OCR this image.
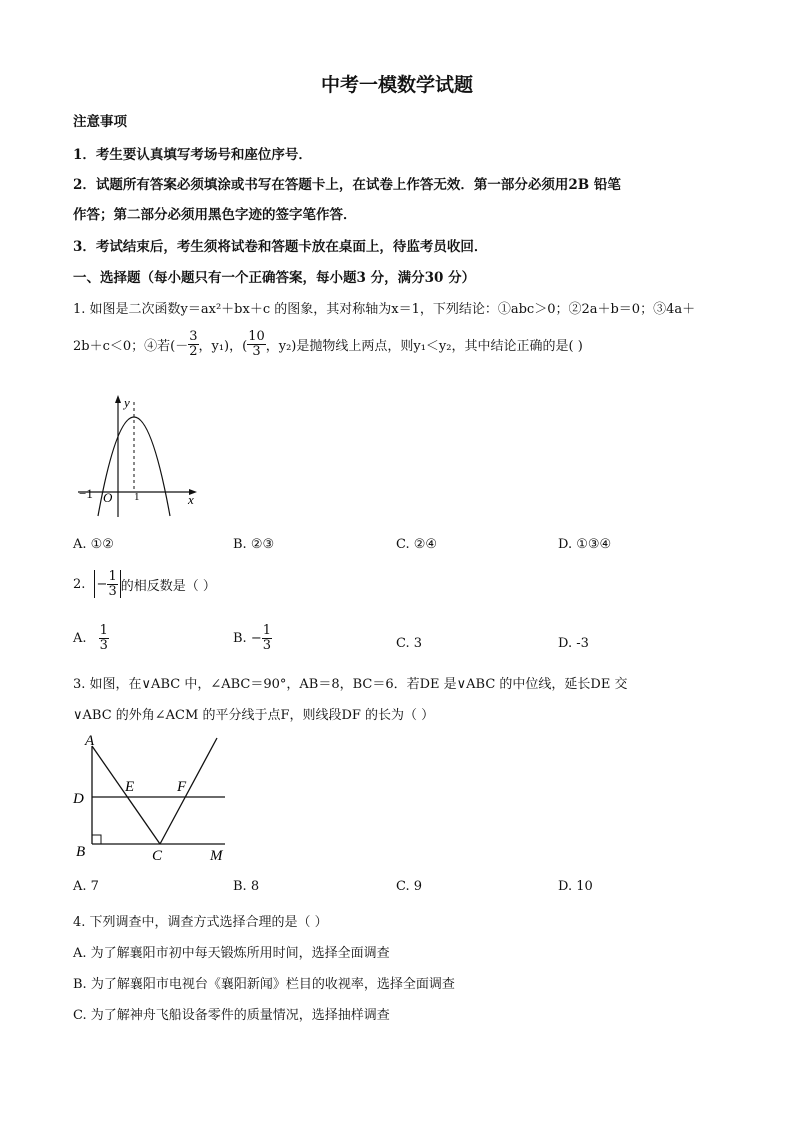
中考一模数学试题
注意事项
1．考生要认真填写考场号和座位序号．
2．试题所有答案必须填涂或书写在答题卡上，在试卷上作答无效．第一部分必须用2B 铅笔
作答；第二部分必须用黑色字迹的签字笔作答．
3．考试结束后，考生须将试卷和答题卡放在桌面上，待监考员收回．
一、选择题（每小题只有一个正确答案，每小题3 分，满分30 分）
1. 如图是二次函数y＝ax²＋bx＋c 的图象，其对称轴为x＝1，下列结论：①abc＞0；②2a＋b＝0；③4a＋
2b＋c＜0；④若(－ $\frac{3}{2}$ ，y₁)，( $\frac{10}{3}$ ，y₂)是抛物线上两点，则y₁＜y₂，其中结论正确的是( )
y
x
O
−1	1
A. ①②	B. ②③	C. ②④	D. ①③④
2. − $\frac{1}{3}$ 的相反数是（ ）
A. $\frac{1}{3}$	B. − $\frac{1}{3}$	C. 3	D. -3
3. 如图，在∨ABC 中，∠ABC＝90°，AB＝8，BC＝6．若DE 是∨ABC 的中位线，延长DE 交
∨ABC 的外角∠ACM 的平分线于点F，则线段DF 的长为（ ）
A
D
B	C
E	F
M
A. 7	B. 8	C. 9	D. 10
4. 下列调查中，调查方式选择合理的是（ ）
A. 为了解襄阳市初中每天锻炼所用时间，选择全面调查
B. 为了解襄阳市电视台《襄阳新闻》栏目的收视率，选择全面调查
C. 为了解神舟飞船设备零件的质量情况，选择抽样调查
